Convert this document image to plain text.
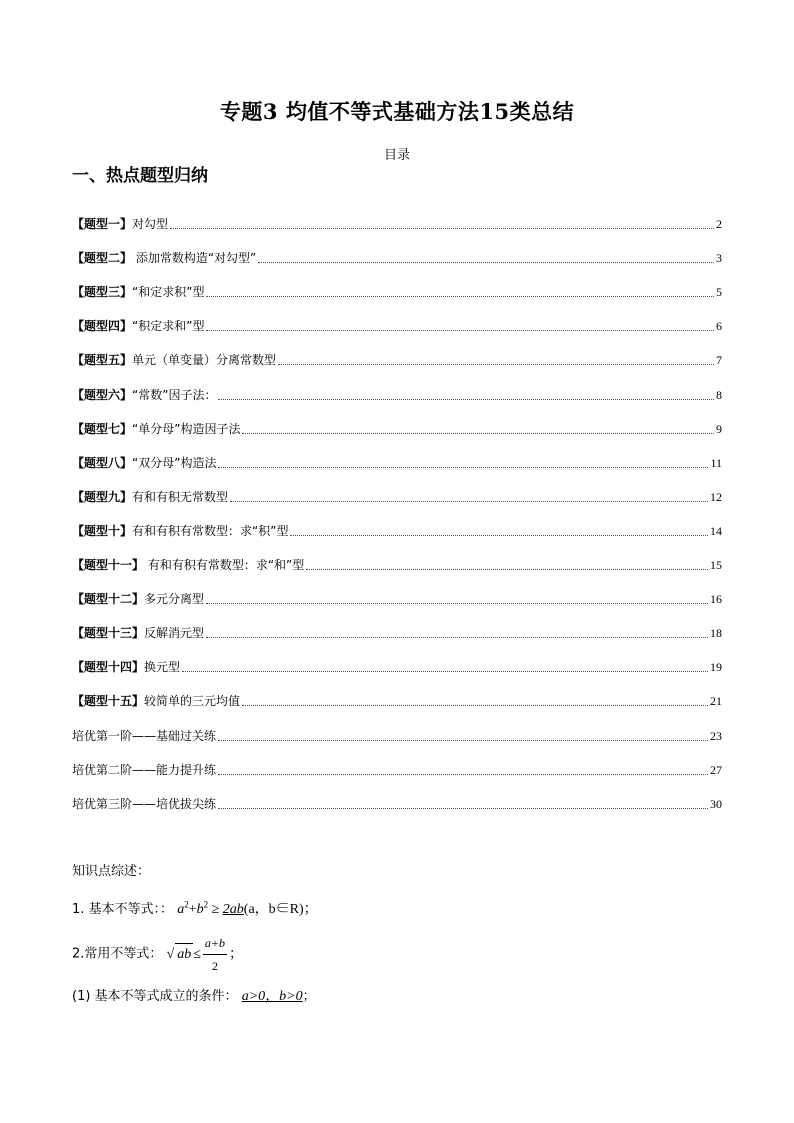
专题3 均值不等式基础方法15类总结
目录
一、热点题型归纳
【题型一】对勾型	2
【题型二】 添加常数构造“对勾型”	3
【题型三】“和定求积”型	5
【题型四】“积定求和”型	6
【题型五】单元（单变量）分离常数型	7
【题型六】“常数”因子法：	8
【题型七】“单分母”构造因子法	9
【题型八】“双分母”构造法	11
【题型九】有和有积无常数型	12
【题型十】有和有积有常数型：求“积”型	14
【题型十一】 有和有积有常数型：求“和”型	15
【题型十二】多元分离型	16
【题型十三】反解消元型	18
【题型十四】换元型	19
【题型十五】较简单的三元均值	21
培优第一阶——基础过关练	23
培优第二阶——能力提升练	27
培优第三阶——培优拔尖练	30
知识点综述：
1. 基本不等式：： $a^2+b^2 \ge 2ab(a$，b∈R)；
2.常用不等式： √ ab ≤ $\frac{a+b}{2}$ ；
(1) 基本不等式成立的条件： a>0，b>0；
